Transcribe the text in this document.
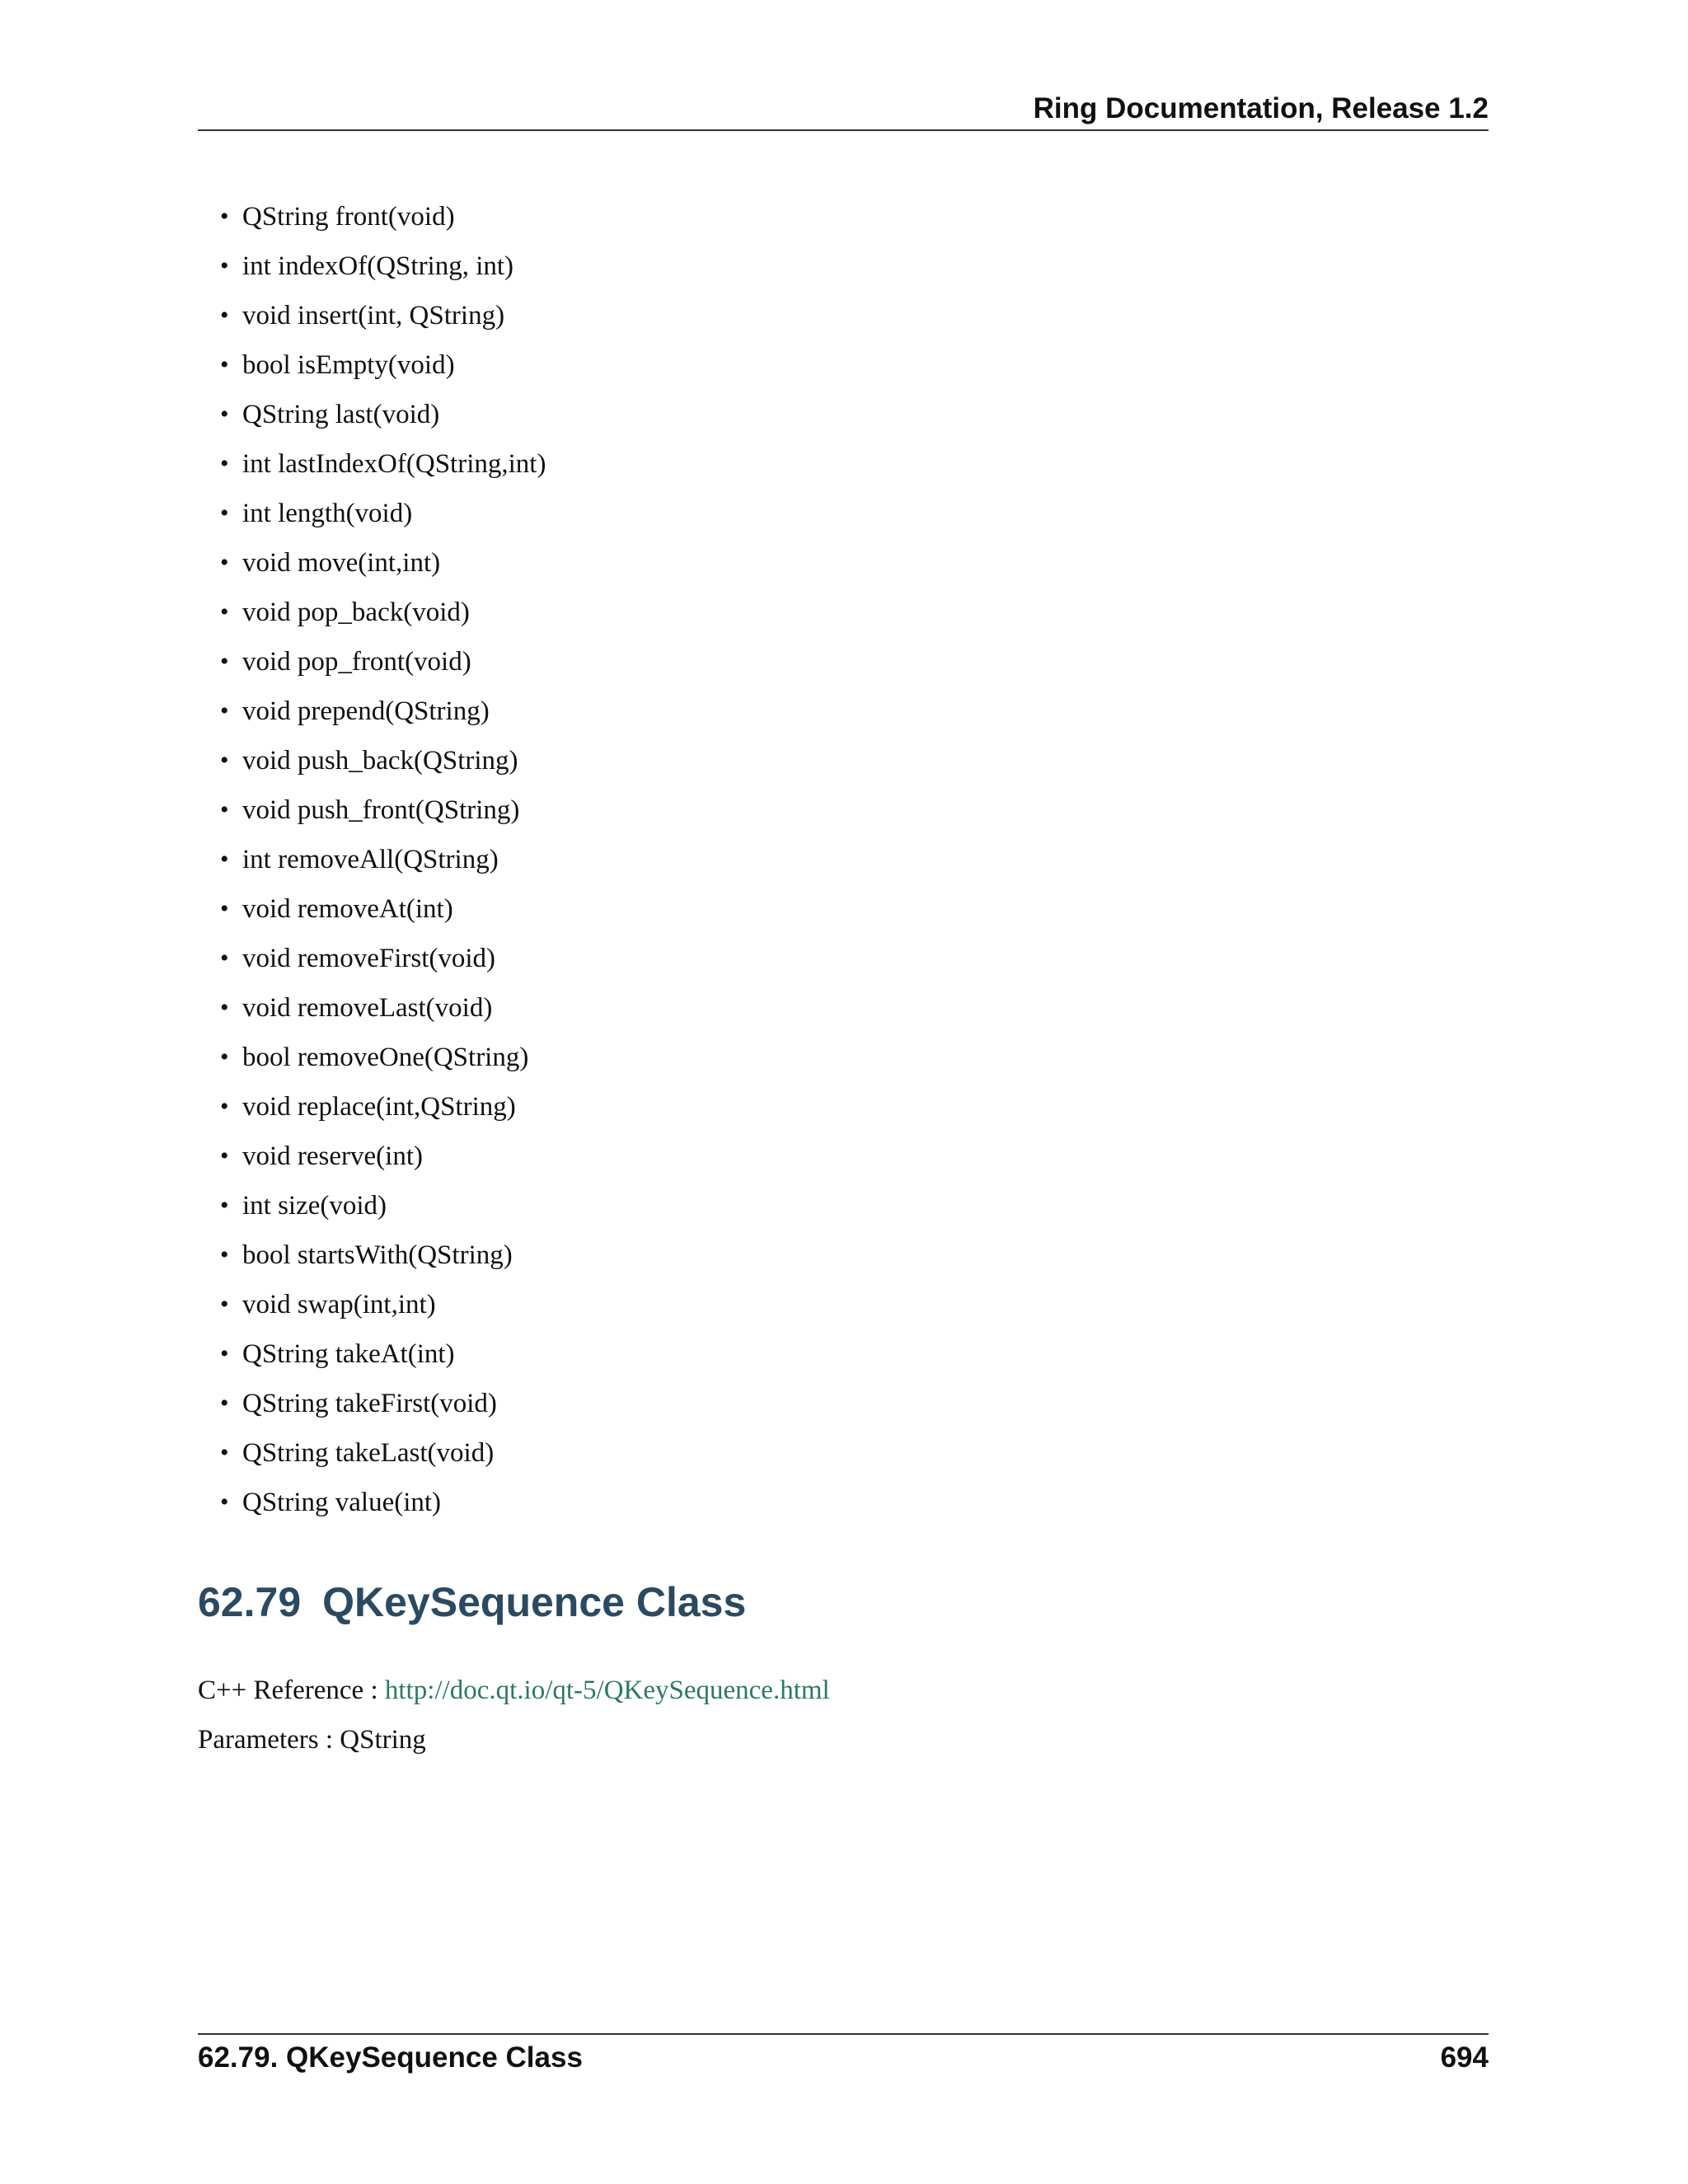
Ring Documentation, Release 1.2
• QString front(void)
• int indexOf(QString, int)
• void insert(int, QString)
• bool isEmpty(void)
• QString last(void)
• int lastIndexOf(QString,int)
• int length(void)
• void move(int,int)
• void pop_back(void)
• void pop_front(void)
• void prepend(QString)
• void push_back(QString)
• void push_front(QString)
• int removeAll(QString)
• void removeAt(int)
• void removeFirst(void)
• void removeLast(void)
• bool removeOne(QString)
• void replace(int,QString)
• void reserve(int)
• int size(void)
• bool startsWith(QString)
• void swap(int,int)
• QString takeAt(int)
• QString takeFirst(void)
• QString takeLast(void)
• QString value(int)
62.79 QKeySequence Class

C++ Reference : http://doc.qt.io/qt-5/QKeySequence.html

Parameters : QString

62.79. QKeySequence Class	694
